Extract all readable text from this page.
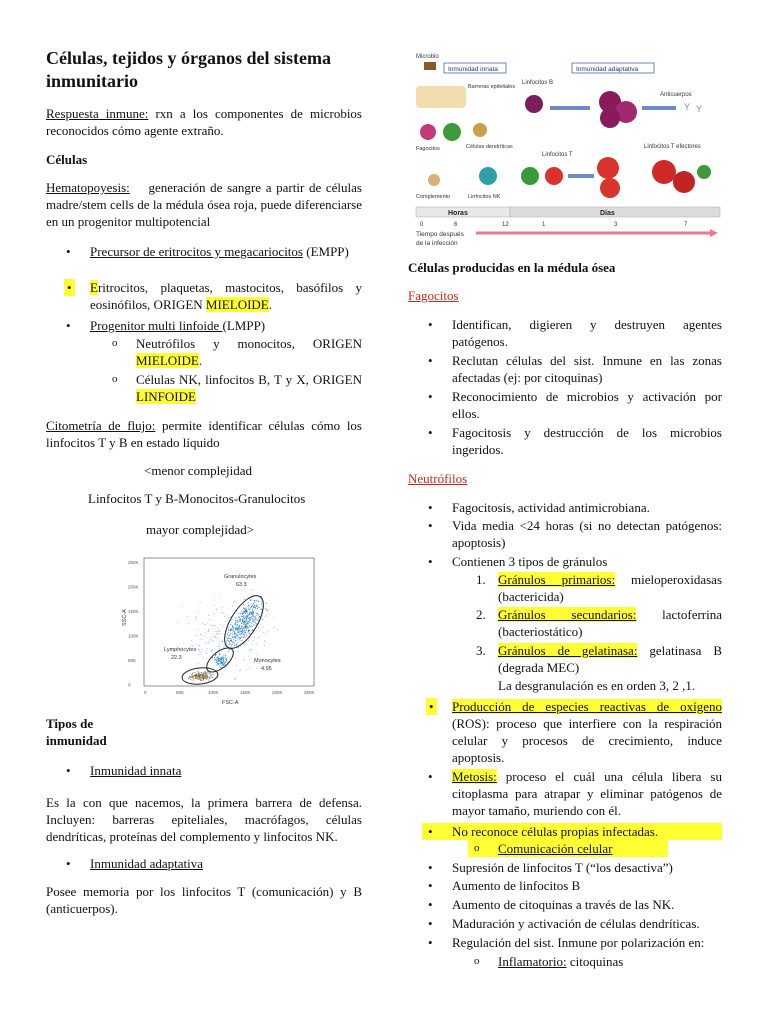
Células, tejidos y órganos del sistema inmunitario

Respuesta inmune: rxn a los componentes de microbios reconocidos cómo agente extraño.

Células

Hematopoyesis:    generación de sangre a partir de células madre/stem cells de la médula ósea roja, puede diferenciarse en un progenitor multipotencial

• Precursor de eritrocitos y megacariocitos (EMPP)

• Eritrocitos, plaquetas, mastocitos, basófilos y eosinófilos, ORIGEN MIELOIDE.

• Progenitor multi linfoide (LMPP)

o Neutrófilos y monocitos, ORIGEN MIELOIDE.

o Células NK, linfocitos B, T y X, ORIGEN LINFOIDE

Citometría de flujo: permite identificar células cómo los linfocitos T y B en estado líquido

<menor complejidad

Linfocitos T y B-Monocitos-Granulocitos

mayor complejidad>

Granulocytes
63.3
Lymphocytes
22.3	Monocytes
4.95
SSC-A
FSC-A
250K
200K
150K
100K
50K
0
0	50K	100K	150K	200K	250K

Tipos de

inmunidad

• Inmunidad innata

Es la con que nacemos, la primera barrera de defensa. Incluyen: barreras epiteliales, macrófagos, células dendríticas, proteínas del complemento y linfocitos NK.

• Inmunidad adaptativa

Posee memoria por los linfocitos T (comunicación) y B (anticuerpos).

Microbio
Inmunidad innata	Inmunidad adaptativa
Barreras epiteliales
Linfocitos B
Anticuerpos
Y Y
Fagocitos	Células dendríticas
Linfocitos T
Linfocitos T efectores
Complemento	Linfocitos NK
Horas	Días
0	6	12	1	3	7
Tiempo después
de la infección

Células producidas en la médula ósea

Fagocitos

• Identifican, digieren y destruyen agentes patógenos.

• Reclutan células del sist. Inmune en las zonas afectadas (ej: por citoquinas)

• Reconocimiento de microbios y activación por ellos.

• Fagocitosis y destrucción de los microbios ingeridos.

Neutrófilos

• Fagocitosis, actividad antimicrobiana.

• Vida media <24 horas (si no detectan patógenos: apoptosis)

• Contienen 3 tipos de gránulos

1. Gránulos primarios: mieloperoxidasas (bactericida)

2. Gránulos secundarios: lactoferrina (bacteriostático)

3. Gránulos de gelatinasa: gelatinasa B (degrada MEC)

La desgranulación es en orden 3, 2 ,1.

• Producción de especies reactivas de oxígeno (ROS): proceso que interfiere con la respiración celular y procesos de crecimiento, induce apoptosis.

• Metosis: proceso el cuál una célula libera su citoplasma para atrapar y eliminar patógenos de mayor tamaño, muriendo con él.

• No reconoce células propias infectadas.

o Comunicación celular

• Supresión de linfocitos T (“los desactiva”)

• Aumento de linfocitos B

• Aumento de citoquinas a través de las NK.

• Maduración y activación de células dendríticas.

• Regulación del sist. Inmune por polarización en:

o Inflamatorio: citoquinas
